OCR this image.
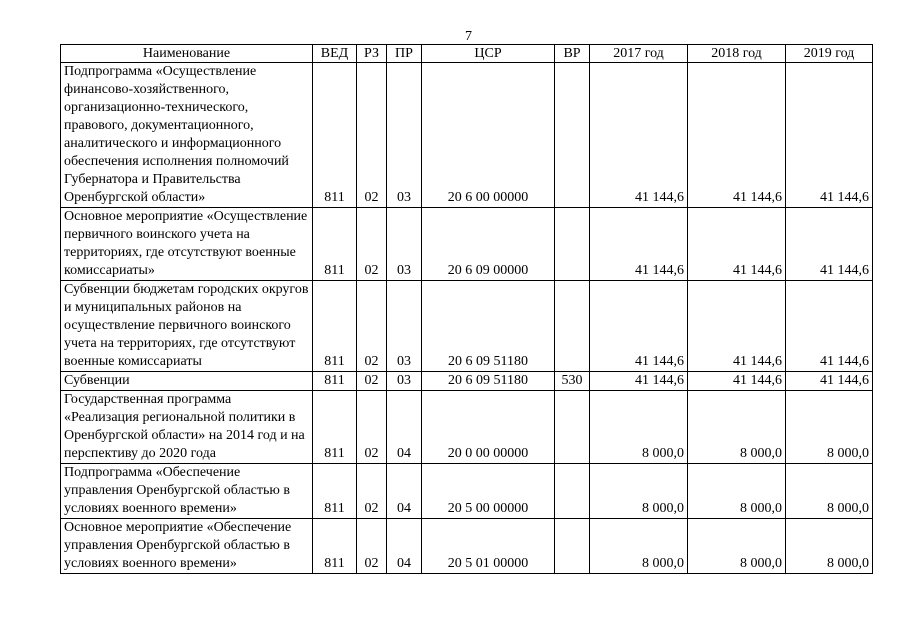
7
Наименование	ВЕД	РЗ	ПР	ЦСР	ВР	2017 год	2018 год	2019 год
Подпрограмма «Осуществление финансово-хозяйственного, организационно-технического, правового, документационного, аналитического и информационного обеспечения исполнения полномочий Губернатора и Правительства Оренбургской области»	811	02	03	20 6 00 00000		41 144,6	41 144,6	41 144,6
Основное мероприятие «Осуществление первичного воинского учета на территориях, где отсутствуют военные комиссариаты»	811	02	03	20 6 09 00000		41 144,6	41 144,6	41 144,6
Субвенции бюджетам городских округов и муниципальных районов на осуществление первичного воинского учета на территориях, где отсутствуют военные комиссариаты	811	02	03	20 6 09 51180		41 144,6	41 144,6	41 144,6
Субвенции	811	02	03	20 6 09 51180	530	41 144,6	41 144,6	41 144,6
Государственная программа «Реализация региональной политики в Оренбургской области» на 2014 год и на перспективу до 2020 года	811	02	04	20 0 00 00000		8 000,0	8 000,0	8 000,0
Подпрограмма «Обеспечение управления Оренбургской областью в условиях военного времени»	811	02	04	20 5 00 00000		8 000,0	8 000,0	8 000,0
Основное мероприятие «Обеспечение управления Оренбургской областью в условиях военного времени»	811	02	04	20 5 01 00000		8 000,0	8 000,0	8 000,0
